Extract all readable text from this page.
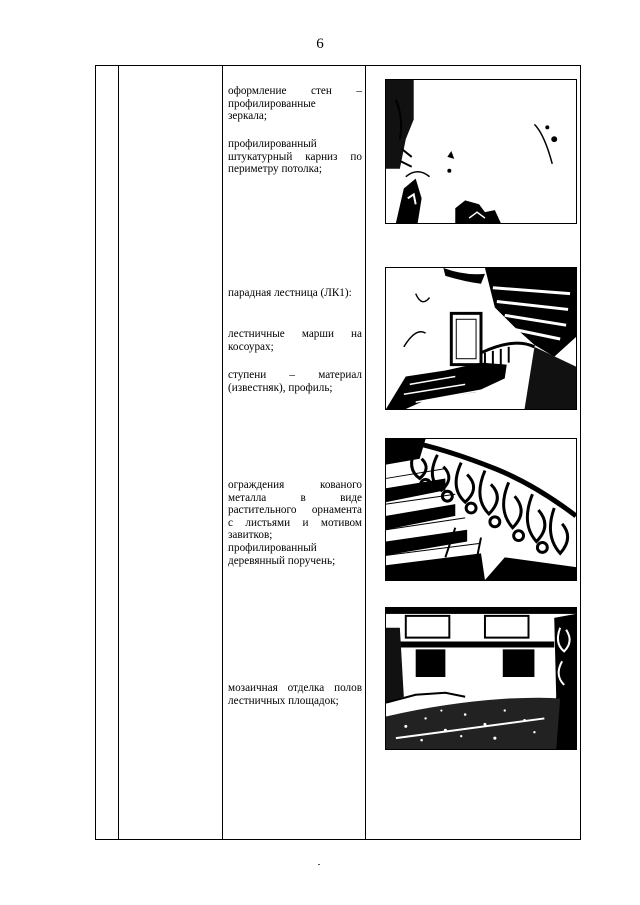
6
оформление стен –
профилированные
зеркала;
профилированный
штукатурный карниз по
периметру потолка;
парадная лестница (ЛК1):
лестничные марши на
косоурах;
ступени – материал
(известняк), профиль;
ограждения кованого
металла в виде
растительного орнамента
с листьями и мотивом
завитков;
профилированный
деревянный поручень;
мозаичная отделка полов
лестничных площадок;
